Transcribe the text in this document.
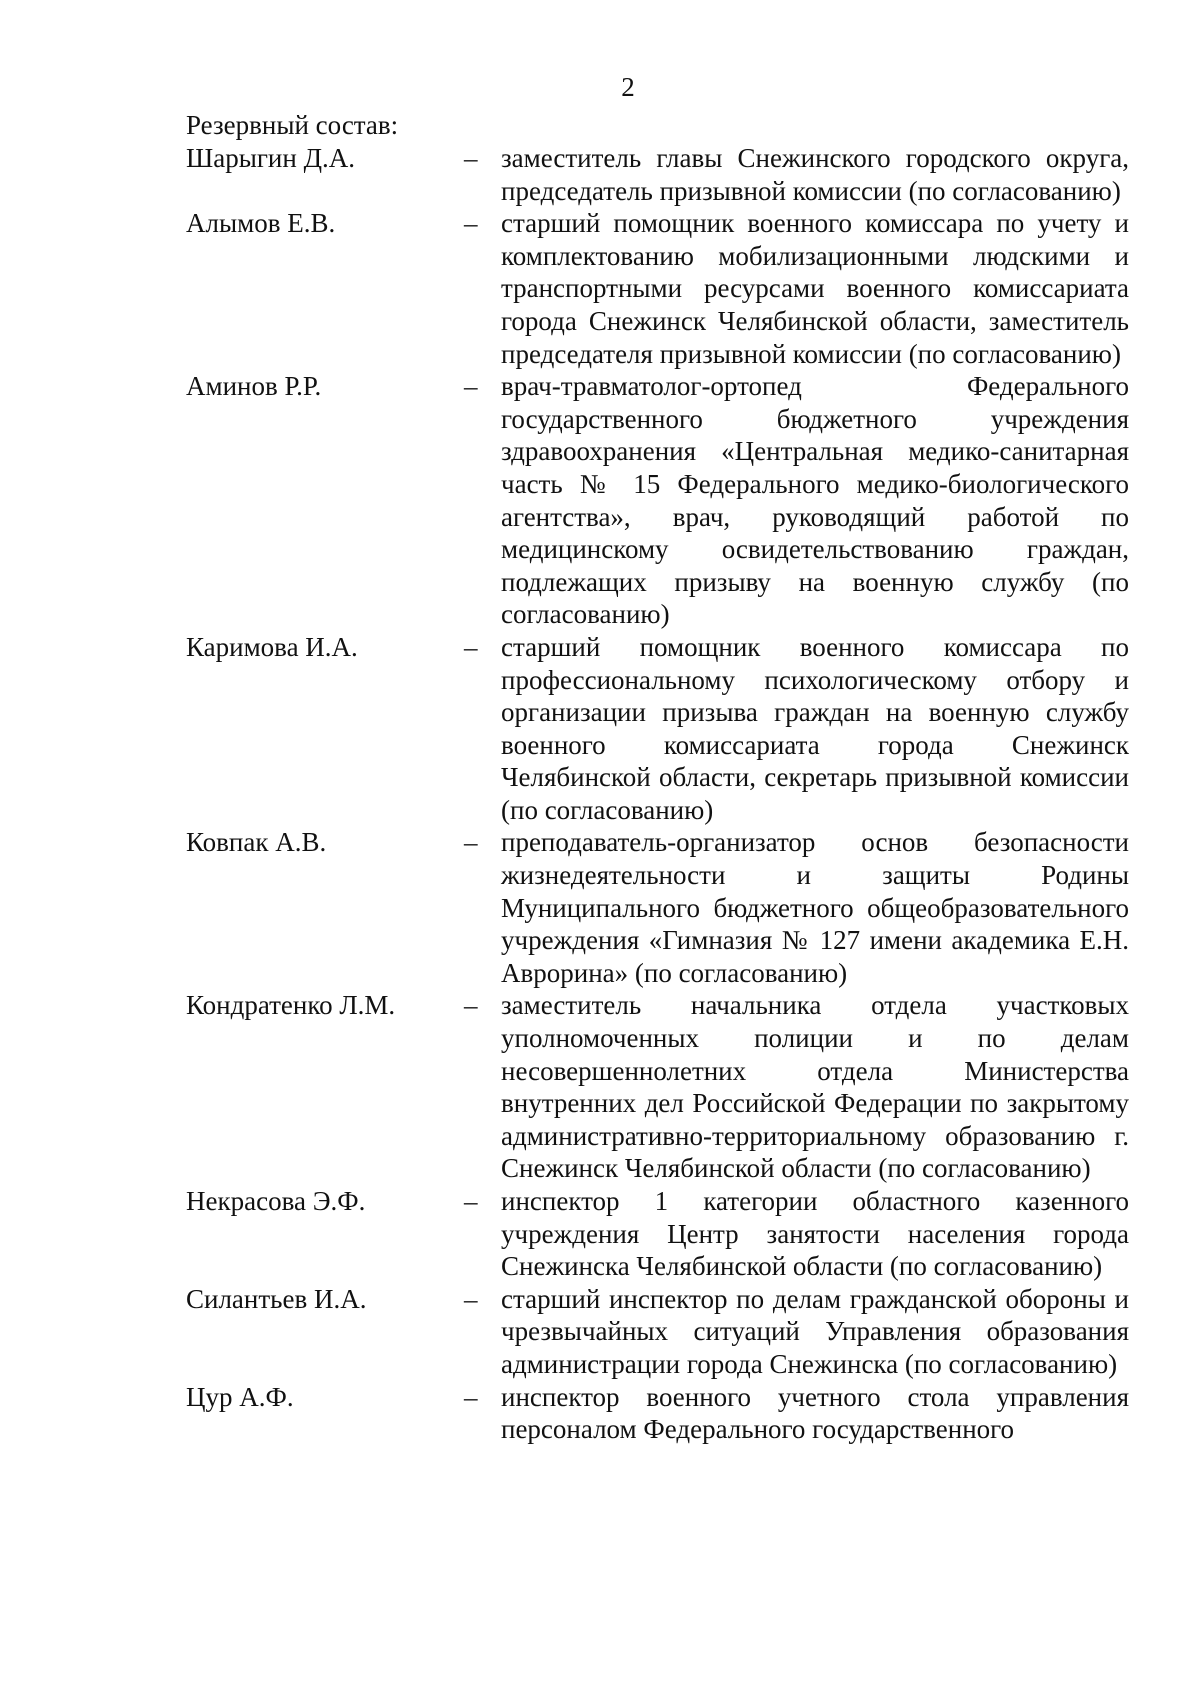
2
Резервный состав:
Шарыгин Д.А.	– заместитель главы Снежинского городского округа, председатель призывной комиссии (по согласованию)
Алымов Е.В.	– старший помощник военного комиссара по учету и комплектованию мобилизационными людскими и транспортными ресурсами военного комиссариата города Снежинск Челябинской области, заместитель председателя призывной комиссии (по согласованию)
Аминов Р.Р.	– врач-травматолог-ортопед Федерального государственного бюджетного учреждения здравоохранения «Центральная медико-санитарная часть № 15 Федерального медико-биологического агентства», врач, руководящий работой по медицинскому освидетельствованию граждан, подлежащих призыву на военную службу (по согласованию)
Каримова И.А.	– старший помощник военного комиссара по профессиональному психологическому отбору и организации призыва граждан на военную службу военного комиссариата города Снежинск Челябинской области, секретарь призывной комиссии (по согласованию)
Ковпак А.В.	– преподаватель-организатор основ безопасности жизнедеятельности и защиты Родины Муниципального бюджетного общеобразовательного учреждения «Гимназия № 127 имени академика Е.Н. Аврорина» (по согласованию)
Кондратенко Л.М.	– заместитель начальника отдела участковых уполномоченных полиции и по делам несовершеннолетних отдела Министерства внутренних дел Российской Федерации по закрытому административно-территориальному образованию г. Снежинск Челябинской области (по согласованию)
Некрасова Э.Ф.	– инспектор 1 категории областного казенного учреждения Центр занятости населения города Снежинска Челябинской области (по согласованию)
Силантьев И.А.	– старший инспектор по делам гражданской обороны и чрезвычайных ситуаций Управления образования администрации города Снежинска (по согласованию)
Цур А.Ф.	– инспектор военного учетного стола управления персоналом Федерального государственного
